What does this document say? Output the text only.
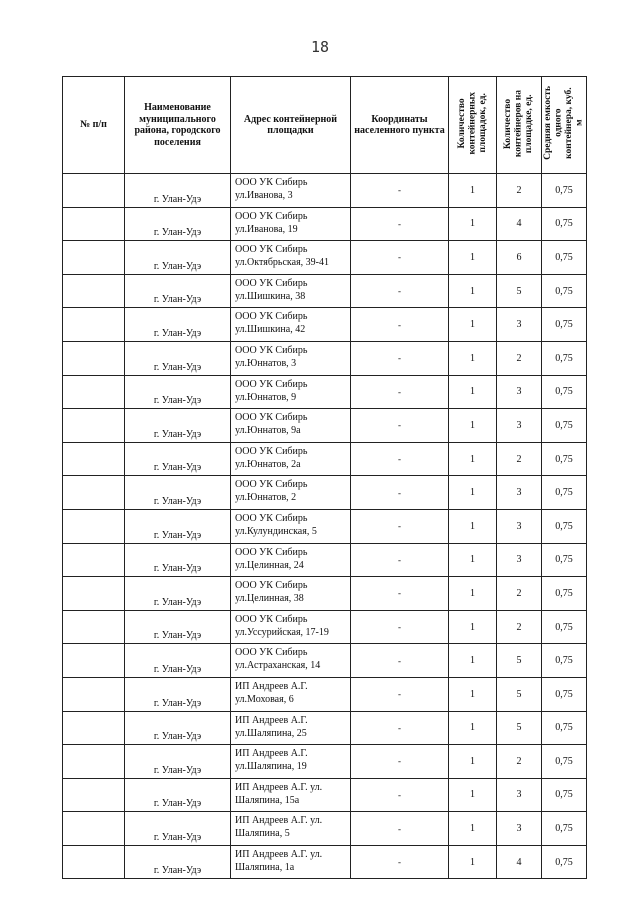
18
№ п/п	Наименование муниципального района, городского поселения	Адрес контейнерной площадки	Координаты населенного пункта	Количество
контейнерных
площадок, ед.	Количество
контейнеров на
площадке, ед.	Средняя емкость
одного
контейнера, куб.
м
	г. Улан-Удэ	ООО УК Сибирь
ул.Иванова, 3	-	1	2	0,75
	г. Улан-Удэ	ООО УК Сибирь
ул.Иванова, 19	-	1	4	0,75
	г. Улан-Удэ	ООО УК Сибирь
ул.Октябрьская, 39-41	-	1	6	0,75
	г. Улан-Удэ	ООО УК Сибирь
ул.Шишкина, 38	-	1	5	0,75
	г. Улан-Удэ	ООО УК Сибирь
ул.Шишкина, 42	-	1	3	0,75
	г. Улан-Удэ	ООО УК Сибирь
ул.Юннатов, 3	-	1	2	0,75
	г. Улан-Удэ	ООО УК Сибирь
ул.Юннатов, 9	-	1	3	0,75
	г. Улан-Удэ	ООО УК Сибирь
ул.Юннатов, 9а	-	1	3	0,75
	г. Улан-Удэ	ООО УК Сибирь
ул.Юннатов, 2а	-	1	2	0,75
	г. Улан-Удэ	ООО УК Сибирь
ул.Юннатов, 2	-	1	3	0,75
	г. Улан-Удэ	ООО УК Сибирь
ул.Кулундинская, 5	-	1	3	0,75
	г. Улан-Удэ	ООО УК Сибирь
ул.Целинная, 24	-	1	3	0,75
	г. Улан-Удэ	ООО УК Сибирь
ул.Целинная, 38	-	1	2	0,75
	г. Улан-Удэ	ООО УК Сибирь
ул.Уссурийская, 17-19	-	1	2	0,75
	г. Улан-Удэ	ООО УК Сибирь
ул.Астраханская, 14	-	1	5	0,75
	г. Улан-Удэ	ИП Андреев А.Г.
ул.Моховая, 6	-	1	5	0,75
	г. Улан-Удэ	ИП Андреев А.Г.
ул.Шаляпина, 25	-	1	5	0,75
	г. Улан-Удэ	ИП Андреев А.Г.
ул.Шаляпина, 19	-	1	2	0,75
	г. Улан-Удэ	ИП Андреев А.Г. ул.
Шаляпина, 15а	-	1	3	0,75
	г. Улан-Удэ	ИП Андреев А.Г. ул.
Шаляпина, 5	-	1	3	0,75
	г. Улан-Удэ	ИП Андреев А.Г. ул.
Шаляпина, 1а	-	1	4	0,75
